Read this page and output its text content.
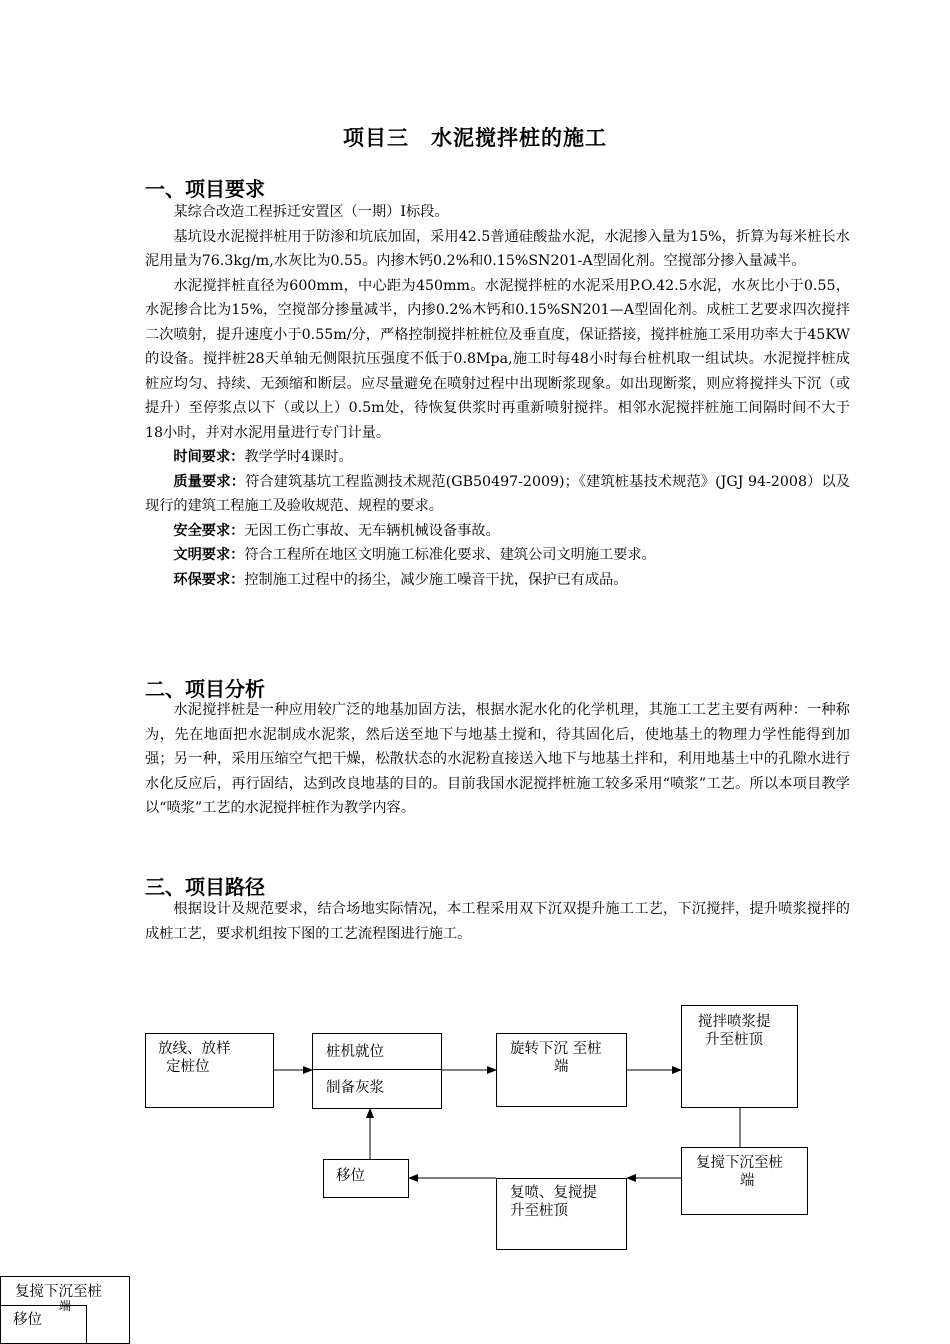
项目三　水泥搅拌桩的施工
一、项目要求

某综合改造工程拆迁安置区（一期）Ⅰ标段。

基坑设水泥搅拌桩用于防渗和坑底加固，采用42.5普通硅酸盐水泥，水泥掺入量为15%，折算为每米桩长水泥用量为76.3kg/m,水灰比为0.55。内掺木钙0.2%和0.15%SN201-A型固化剂。空搅部分掺入量减半。

水泥搅拌桩直径为600mm，中心距为450mm。水泥搅拌桩的水泥采用P.O.42.5水泥，水灰比小于0.55，水泥掺合比为15%，空搅部分掺量减半，内掺0.2%木钙和0.15%SN201—A型固化剂。成桩工艺要求四次搅拌二次喷射，提升速度小于0.55m/分，严格控制搅拌桩桩位及垂直度，保证搭接，搅拌桩施工采用功率大于45KW的设备。搅拌桩28天单轴无侧限抗压强度不低于0.8Mpa,施工时每48小时每台桩机取一组试块。水泥搅拌桩成桩应均匀、持续、无颈缩和断层。应尽量避免在喷射过程中出现断浆现象。如出现断浆，则应将搅拌头下沉（或提升）至停浆点以下（或以上）0.5m处，待恢复供浆时再重新喷射搅拌。相邻水泥搅拌桩施工间隔时间不大于18小时，并对水泥用量进行专门计量。

时间要求：教学学时4课时。

质量要求：符合建筑基坑工程监测技术规范(GB50497-2009)；《建筑桩基技术规范》(JGJ 94-2008）以及现行的建筑工程施工及验收规范、规程的要求。

安全要求：无因工伤亡事故、无车辆机械设备事故。

文明要求：符合工程所在地区文明施工标准化要求、建筑公司文明施工要求。

环保要求：控制施工过程中的扬尘，减少施工噪音干扰，保护已有成品。

二、项目分析

水泥搅拌桩是一种应用较广泛的地基加固方法，根据水泥水化的化学机理，其施工工艺主要有两种：一种称为，先在地面把水泥制成水泥浆，然后送至地下与地基土搅和，待其固化后，使地基土的物理力学性能得到加强；另一种，采用压缩空气把干燥，松散状态的水泥粉直接送入地下与地基土拌和，利用地基土中的孔隙水进行水化反应后，再行固结，达到改良地基的目的。目前我国水泥搅拌桩施工较多采用“喷浆”工艺。所以本项目教学以“喷浆”工艺的水泥搅拌桩作为教学内容。

三、项目路径

根据设计及规范要求，结合场地实际情况，本工程采用双下沉双提升施工工艺，下沉搅拌，提升喷浆搅拌的成桩工艺，要求机组按下图的工艺流程图进行施工。

放线、放样
定桩位
桩机就位
制备灰浆
旋转下沉 至桩
端
搅拌喷浆提
升至桩顶
复搅下沉至桩
端
复喷、复搅提
升至桩顶
移位
复搅下沉至桩
端
移位
